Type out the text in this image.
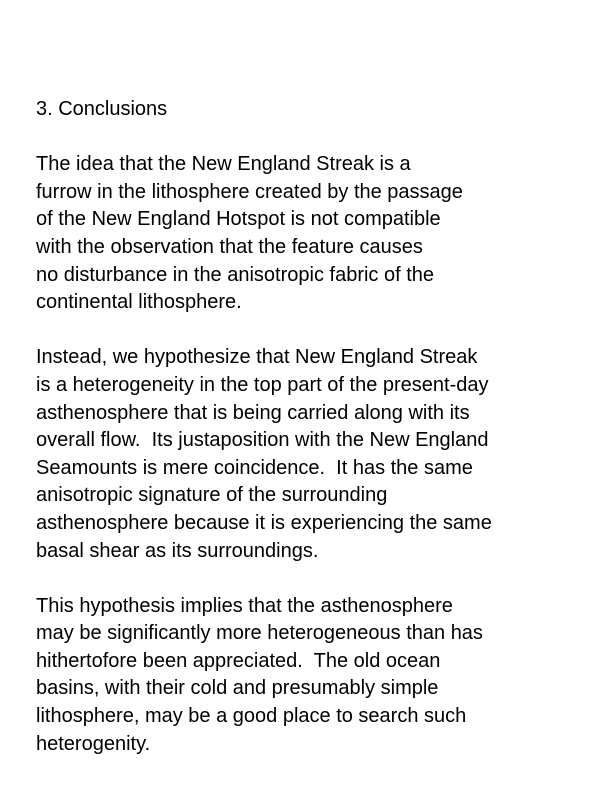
3. Conclusions
The idea that the New England Streak is a
furrow in the lithosphere created by the passage
of the New England Hotspot is not compatible
with the observation that the feature causes
no disturbance in the anisotropic fabric of the
continental lithosphere.
Instead, we hypothesize that New England Streak
is a heterogeneity in the top part of the present-day
asthenosphere that is being carried along with its
overall flow.  Its justaposition with the New England
Seamounts is mere coincidence.  It has the same
anisotropic signature of the surrounding
asthenosphere because it is experiencing the same
basal shear as its surroundings.
This hypothesis implies that the asthenosphere
may be significantly more heterogeneous than has
hithertofore been appreciated.  The old ocean
basins, with their cold and presumably simple
lithosphere, may be a good place to search such
heterogenity.
